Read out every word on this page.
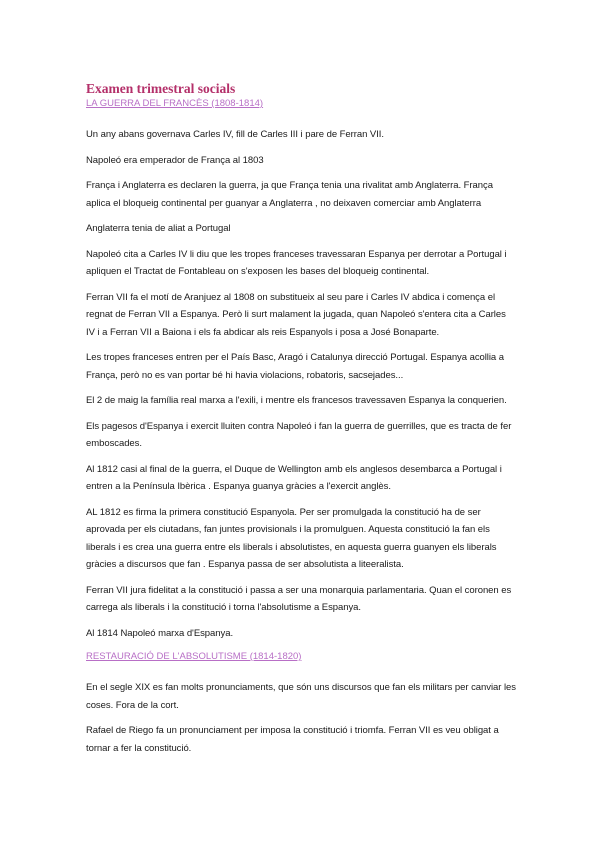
Examen trimestral socials
LA GUERRA DEL FRANCÈS (1808-1814)

Un any abans governava Carles IV, fill de Carles III i pare de Ferran VII.

Napoleó era emperador de França al 1803

França i Anglaterra es declaren la guerra, ja que França tenia una rivalitat amb Anglaterra. França aplica el bloqueig continental per guanyar a Anglaterra , no deixaven comerciar amb Anglaterra

Anglaterra tenia de aliat a Portugal

Napoleó cita a Carles IV li diu que les tropes franceses travessaran Espanya per derrotar a Portugal i apliquen el Tractat de Fontableau on s'exposen les bases del bloqueig continental.

Ferran VII fa el motí de Aranjuez al 1808 on substitueix al seu pare i Carles IV abdica i comença el regnat de Ferran VII a Espanya. Però li surt malament la jugada, quan Napoleó s'entera cita a Carles IV i a Ferran VII a Baiona i els fa abdicar als reis Espanyols i posa a José Bonaparte.

Les tropes franceses entren per el País Basc, Aragó i Catalunya direcció Portugal. Espanya acollia a França, però no es van portar bé hi havia violacions, robatoris, sacsejades...

El 2 de maig la família real marxa a l'exili, i mentre els francesos travessaven Espanya la conquerien.

Els pagesos d'Espanya i exercit lluiten contra Napoleó i fan la guerra de guerrilles, que es tracta de fer emboscades.

Al 1812 casi al final de la guerra, el Duque de Wellington amb els anglesos desembarca a Portugal i entren a la Península Ibèrica . Espanya guanya gràcies a l'exercit anglès.

AL 1812 es firma la primera constitució Espanyola. Per ser promulgada la constitució ha de ser aprovada per els ciutadans, fan juntes provisionals i la promulguen. Aquesta constitució la fan els liberals i es crea una guerra entre els liberals i absolutistes, en aquesta guerra guanyen els liberals gràcies a discursos que fan . Espanya passa de ser absolutista a liteeralista.

Ferran VII jura fidelitat a la constitució i passa a ser una monarquia parlamentaria. Quan el coronen es carrega als liberals i la constitució i torna l'absolutisme a Espanya.

Al 1814 Napoleó marxa d'Espanya.

RESTAURACIÓ DE L'ABSOLUTISME (1814-1820)

En el segle XIX es fan molts pronunciaments, que són uns discursos que fan els militars per canviar les coses. Fora de la cort.

Rafael de Riego fa un pronunciament per imposa la constitució i triomfa. Ferran VII es veu obligat a tornar a fer la constitució.
